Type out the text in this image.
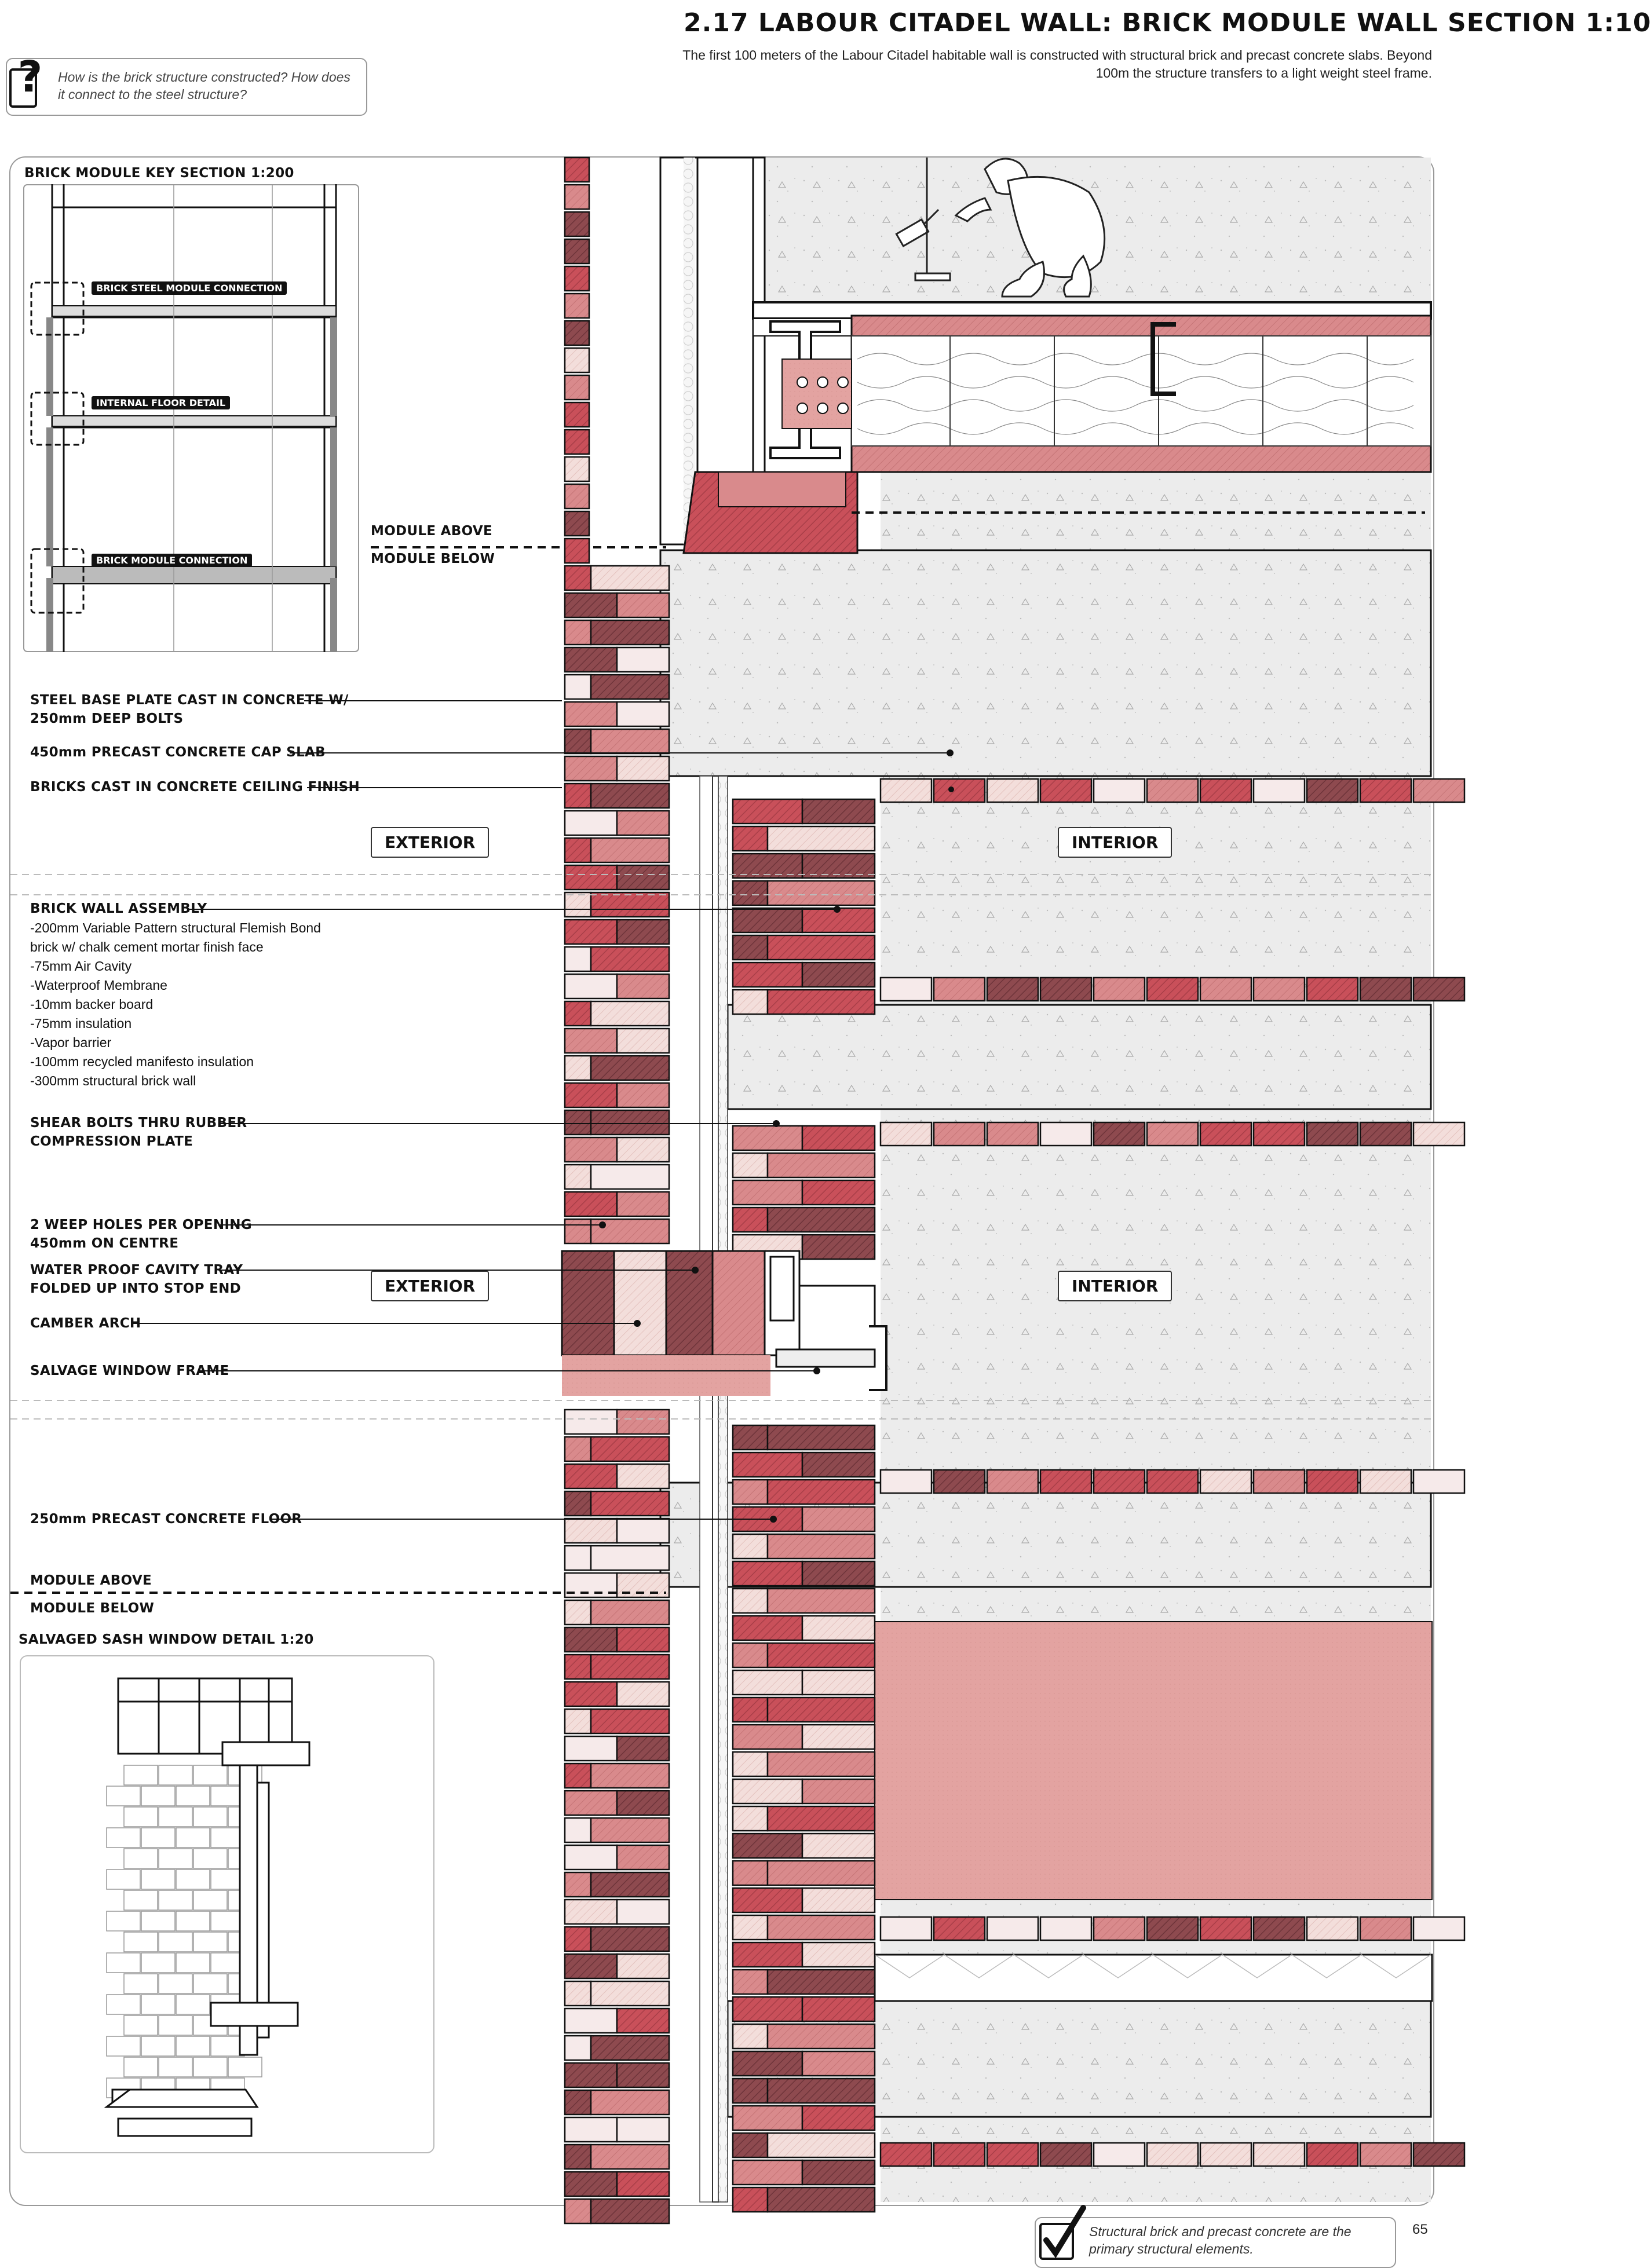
2.17 LABOUR CITADEL WALL: BRICK MODULE WALL SECTION 1:10
The first 100 meters of the Labour Citadel habitable wall is constructed with structural brick and precast concrete slabs. Beyond 100m the structure transfers to a light weight steel frame.
? How is the brick structure constructed? How does it connect to the steel structure?
BRICK MODULE KEY SECTION 1:200
BRICK STEEL MODULE CONNECTION
INTERNAL FLOOR DETAIL
BRICK MODULE CONNECTION
MODULE ABOVE
MODULE BELOW
STEEL BASE PLATE CAST IN CONCRETE W/
250mm DEEP BOLTS
450mm PRECAST CONCRETE CAP SLAB
BRICKS CAST IN CONCRETE CEILING FINISH
EXTERIOR	INTERIOR
BRICK WALL ASSEMBLY
-200mm Variable Pattern structural Flemish Bond
brick w/ chalk cement mortar finish face
-75mm Air Cavity
-Waterproof Membrane
-10mm backer board
-75mm insulation
-Vapor barrier
-100mm recycled manifesto insulation
-300mm structural brick wall
SHEAR BOLTS THRU RUBBER
COMPRESSION PLATE
2 WEEP HOLES PER OPENING
450mm ON CENTRE
WATER PROOF CAVITY TRAY
FOLDED UP INTO STOP END
CAMBER ARCH
SALVAGE WINDOW FRAME
EXTERIOR	INTERIOR
250mm PRECAST CONCRETE FLOOR
MODULE ABOVE
MODULE BELOW
SALVAGED SASH WINDOW DETAIL 1:20
Structural brick and precast concrete are the primary structural elements.
65
